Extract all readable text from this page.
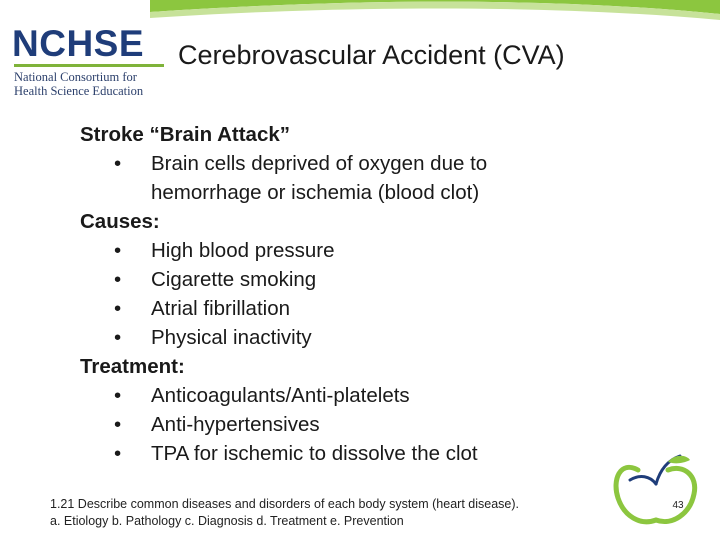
NCHSE
National Consortium for
Health Science Education
Cerebrovascular Accident (CVA)
Stroke “Brain Attack”
• Brain cells deprived of oxygen due to hemorrhage or ischemia (blood clot)
Causes:
• High blood pressure
• Cigarette smoking
• Atrial fibrillation
• Physical inactivity
Treatment:
• Anticoagulants/Anti-platelets
• Anti-hypertensives
• TPA for ischemic to dissolve the clot
1.21 Describe common diseases and disorders of each body system (heart disease).
a. Etiology b. Pathology c. Diagnosis d. Treatment e. Prevention
43
